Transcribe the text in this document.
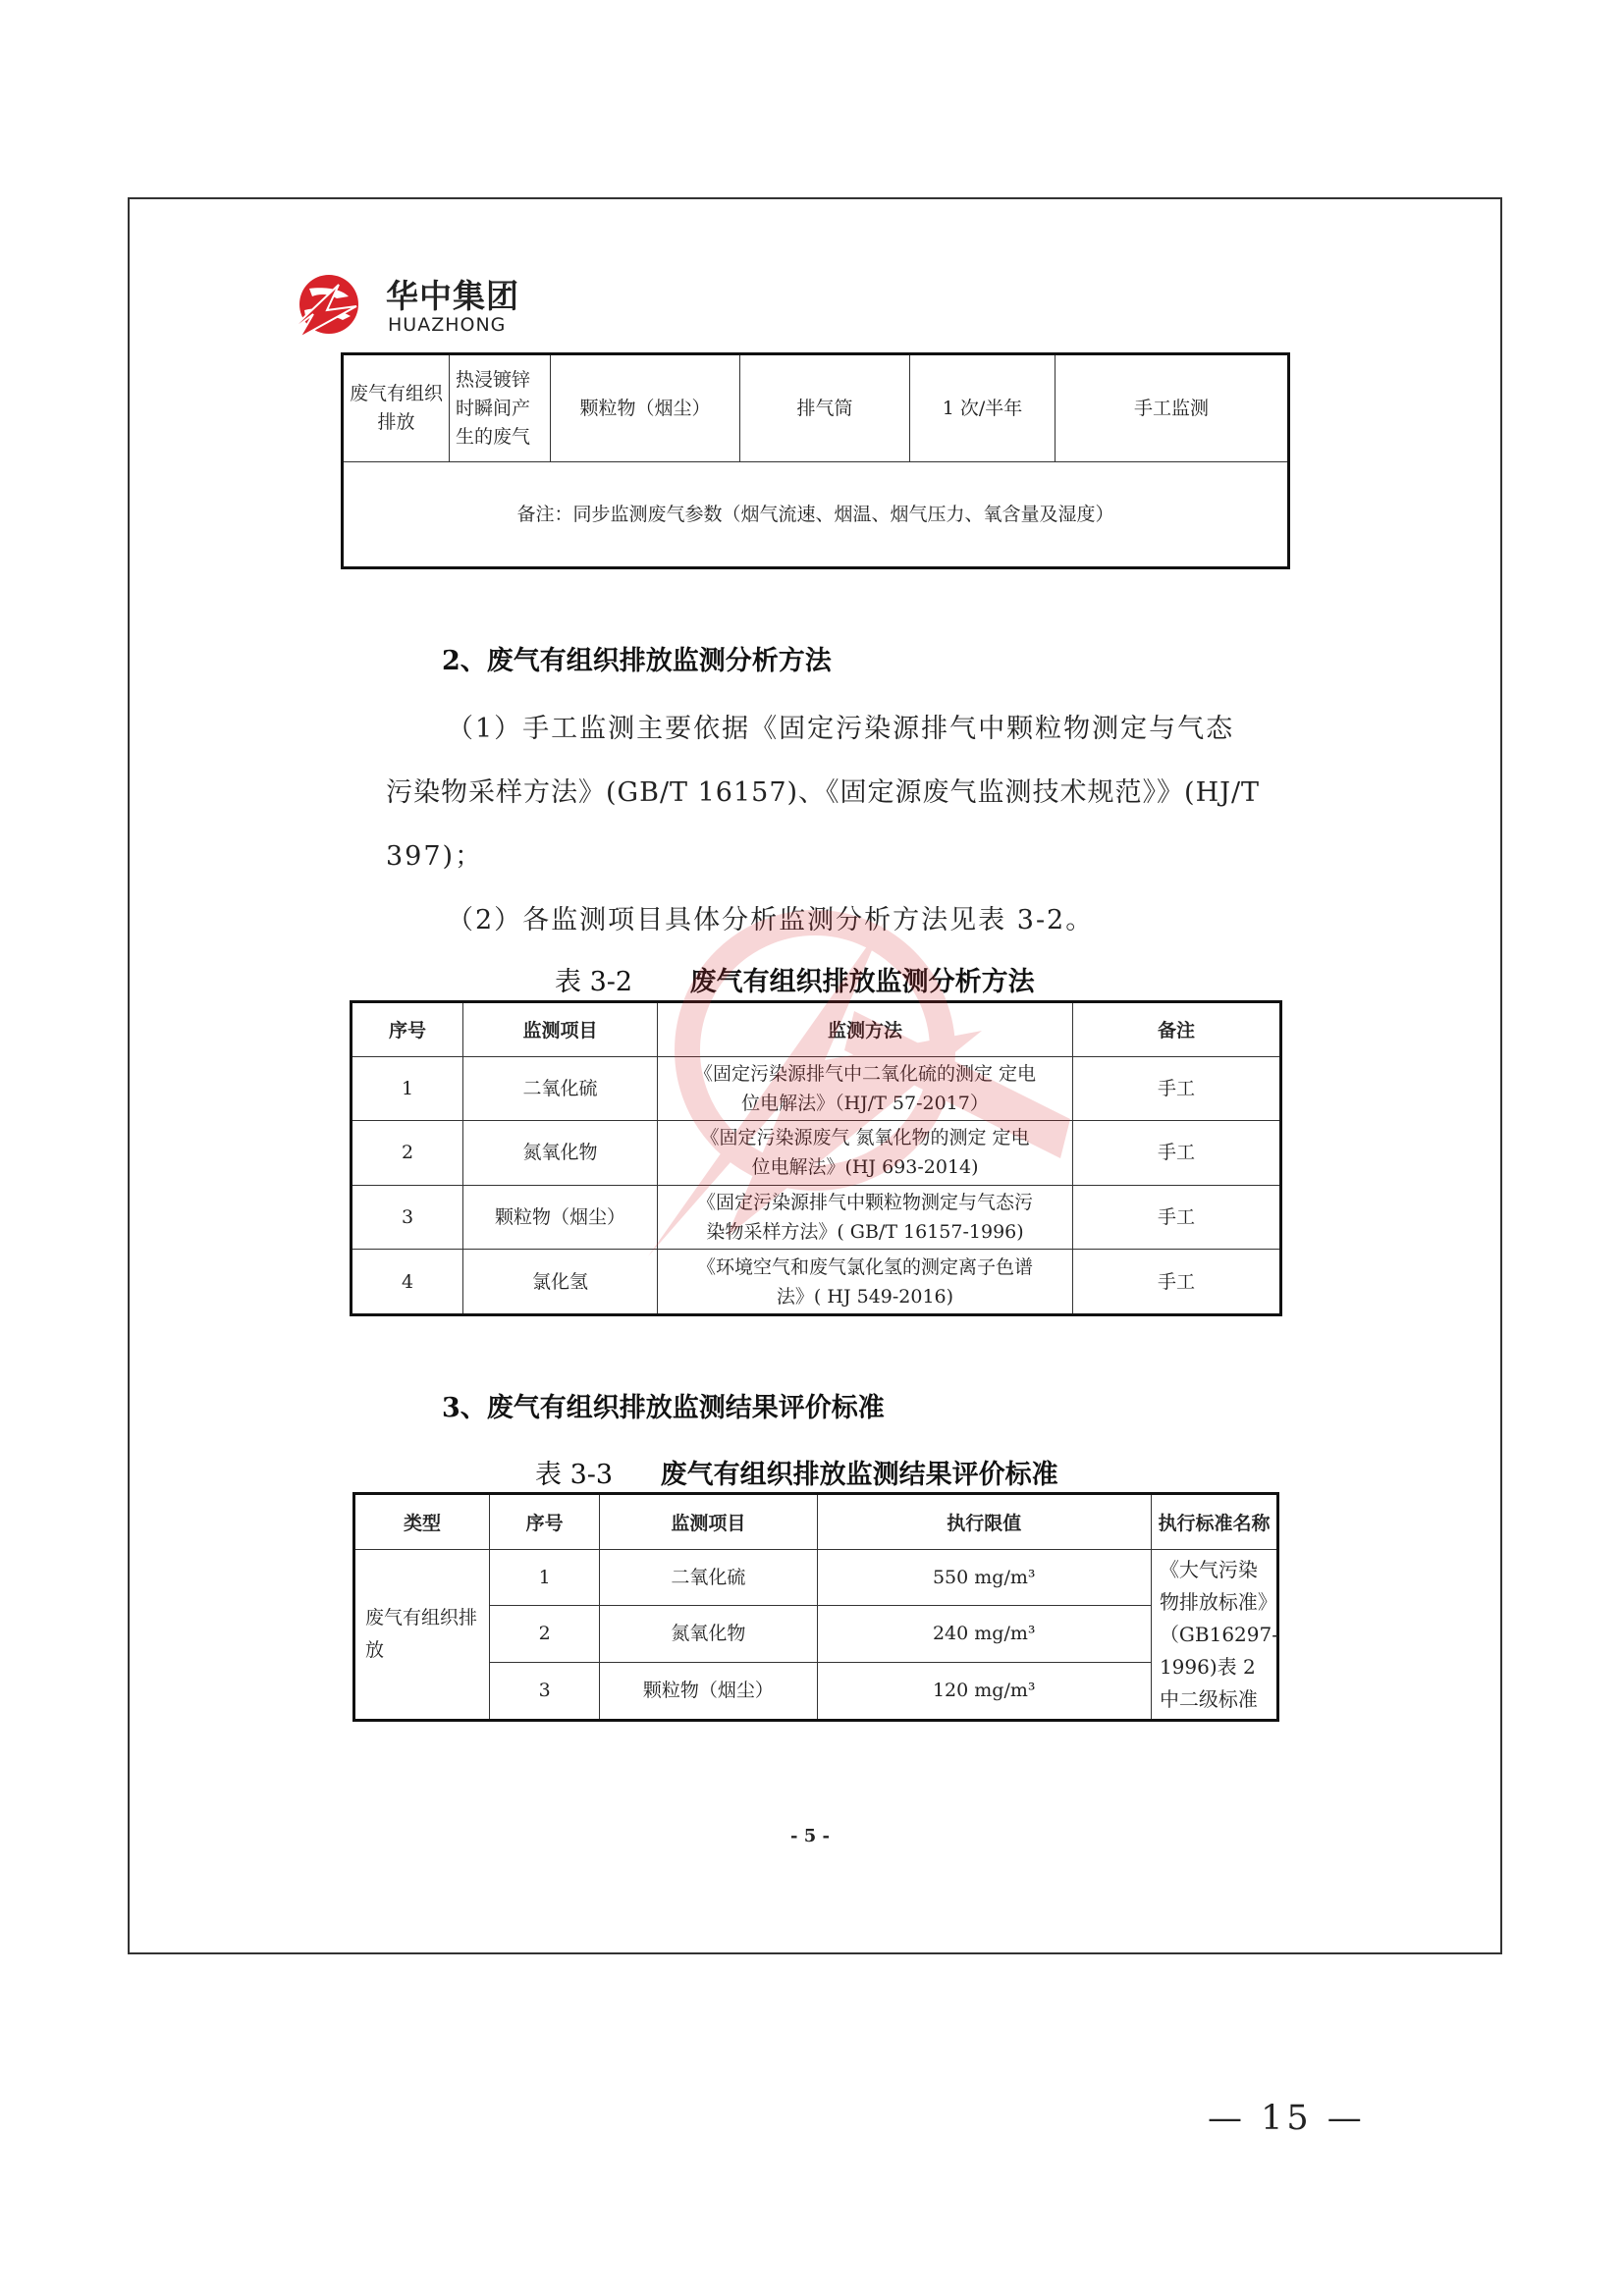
华中集团
HUAZHONG
废气有组织排放	热浸镀锌时瞬间产生的废气	颗粒物（烟尘）	排气筒	1 次/半年	手工监测
备注：同步监测废气参数（烟气流速、烟温、烟气压力、氧含量及湿度）
2、废气有组织排放监测分析方法
（1）手工监测主要依据《固定污染源排气中颗粒物测定与气态
污染物采样方法》(GB/T 16157)、《固定源废气监测技术规范》》(HJ/T
397)；
（2）各监测项目具体分析监测分析方法见表 3-2。
表 3-2 废气有组织排放监测分析方法
序号	监测项目	监测方法	备注
1	二氧化硫	《固定污染源排气中二氧化硫的测定 定电
位电解法》（HJ/T 57-2017）	手工
2	氮氧化物	《固定污染源废气 氮氧化物的测定 定电
位电解法》(HJ 693-2014)	手工
3	颗粒物（烟尘）	《固定污染源排气中颗粒物测定与气态污
染物采样方法》( GB/T 16157-1996)	手工
4	氯化氢	《环境空气和废气氯化氢的测定离子色谱
法》( HJ 549-2016)	手工
3、废气有组织排放监测结果评价标准
表 3-3 废气有组织排放监测结果评价标准
类型	序号	监测项目	执行限值	执行标准名称
废气有组织排放	1	二氧化硫	550 mg/m³	《大气污染物排放标准》（GB16297-1996)表 2 中二级标准
	2	氮氧化物	240 mg/m³	
	3	颗粒物（烟尘）	120 mg/m³	
- 5 -
— 15 —
